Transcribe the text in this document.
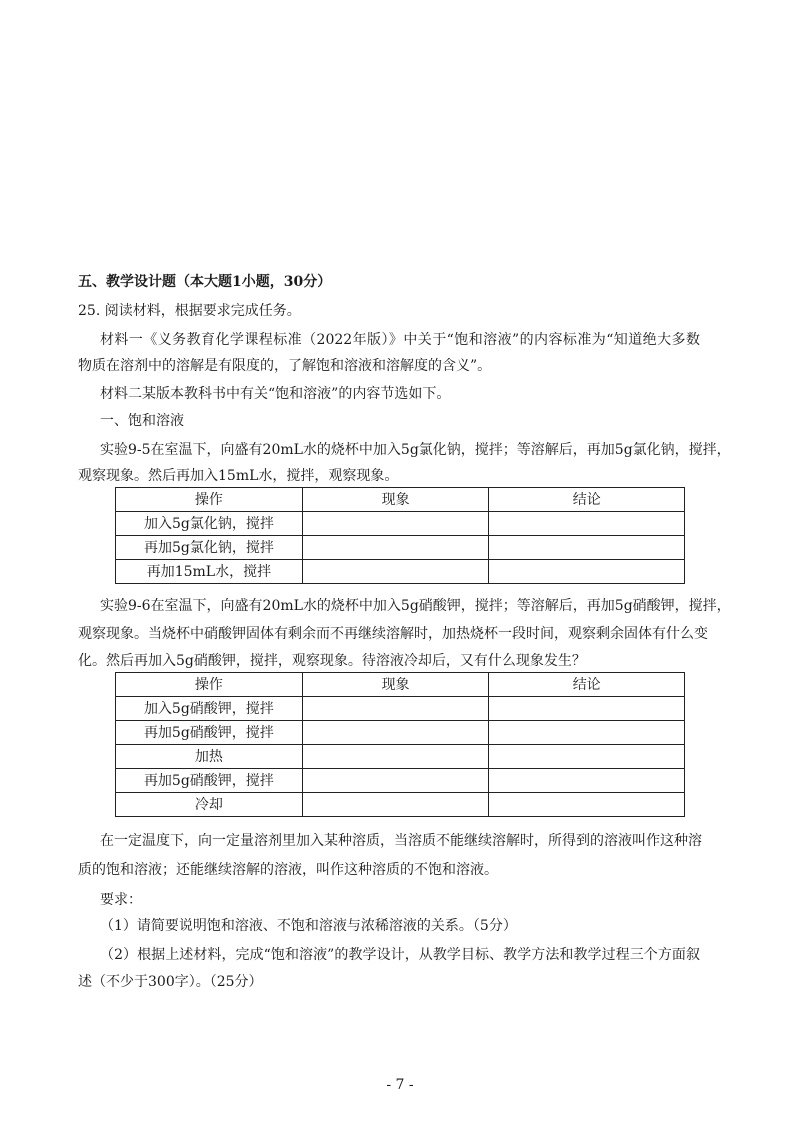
五、教学设计题（本大题1小题，30分）
25. 阅读材料，根据要求完成任务。
材料一《义务教育化学课程标准（2022年版）》中关于“饱和溶液”的内容标准为“知道绝大多数
物质在溶剂中的溶解是有限度的，了解饱和溶液和溶解度的含义”。
材料二某版本教科书中有关“饱和溶液”的内容节选如下。
一、饱和溶液
实验9-5在室温下，向盛有20mL水的烧杯中加入5g氯化钠，搅拌；等溶解后，再加5g氯化钠，搅拌，
观察现象。然后再加入15mL水，搅拌，观察现象。
操作	现象	结论
加入5g氯化钠，搅拌		
再加5g氯化钠，搅拌		
再加15mL水，搅拌		
实验9-6在室温下，向盛有20mL水的烧杯中加入5g硝酸钾，搅拌；等溶解后，再加5g硝酸钾，搅拌，
观察现象。当烧杯中硝酸钾固体有剩余而不再继续溶解时，加热烧杯一段时间，观察剩余固体有什么变
化。然后再加入5g硝酸钾，搅拌，观察现象。待溶液冷却后，又有什么现象发生？
操作	现象	结论
加入5g硝酸钾，搅拌		
再加5g硝酸钾，搅拌		
加热		
再加5g硝酸钾，搅拌		
冷却		
在一定温度下，向一定量溶剂里加入某种溶质，当溶质不能继续溶解时，所得到的溶液叫作这种溶
质的饱和溶液；还能继续溶解的溶液，叫作这种溶质的不饱和溶液。
要求：
（1）请简要说明饱和溶液、不饱和溶液与浓稀溶液的关系。（5分）
（2）根据上述材料，完成“饱和溶液”的教学设计，从教学目标、教学方法和教学过程三个方面叙
述（不少于300字）。（25分）
- 7 -
